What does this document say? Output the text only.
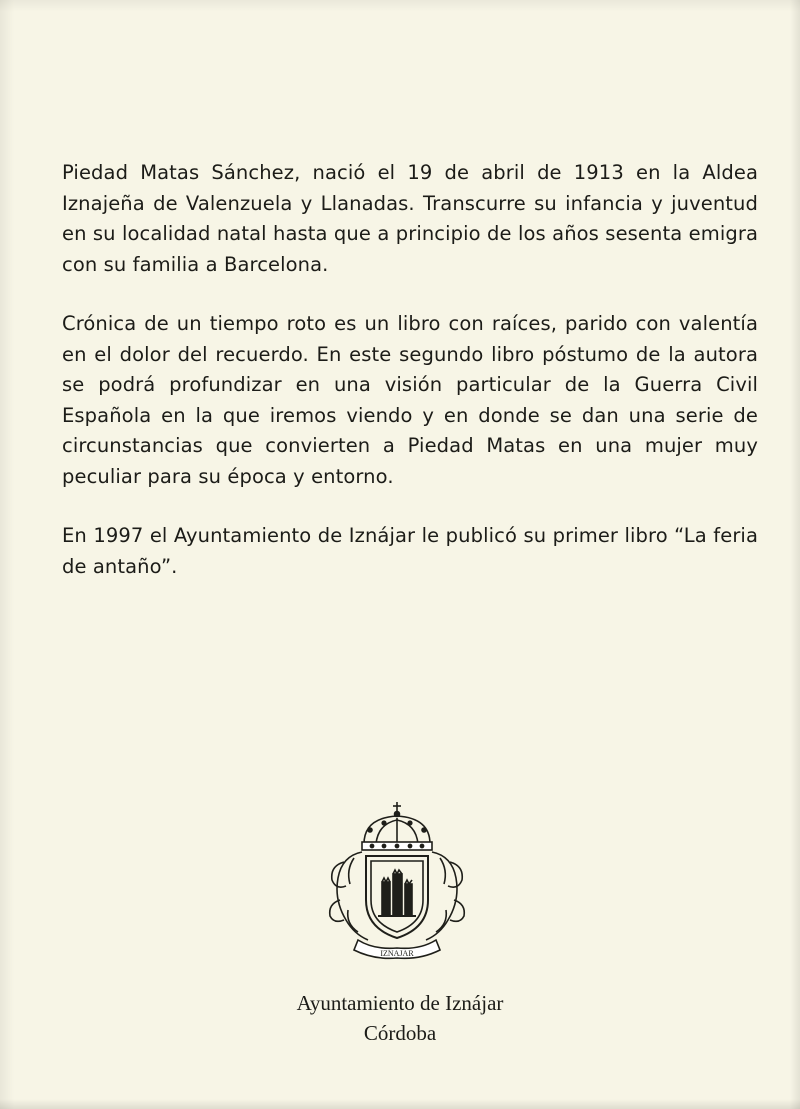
Piedad Matas Sánchez, nació el 19 de abril de 1913 en la Aldea Iznajeña de Valenzuela y Llanadas. Transcurre su infancia y juventud en su localidad natal hasta que a principio de los años sesenta emigra con su familia a Barcelona.

Crónica de un tiempo roto es un libro con raíces, parido con valentía en el dolor del recuerdo. En este segundo libro póstumo de la autora se podrá profundizar en una visión particular de la Guerra Civil Española en la que iremos viendo y en donde se dan una serie de circunstancias que convierten a Piedad Matas en una mujer muy peculiar para su época y entorno.

En 1997 el Ayuntamiento de Iznájar le publicó su primer libro “La feria de antaño”.

IZNAJAR
Ayuntamiento de Iznájar
Córdoba
